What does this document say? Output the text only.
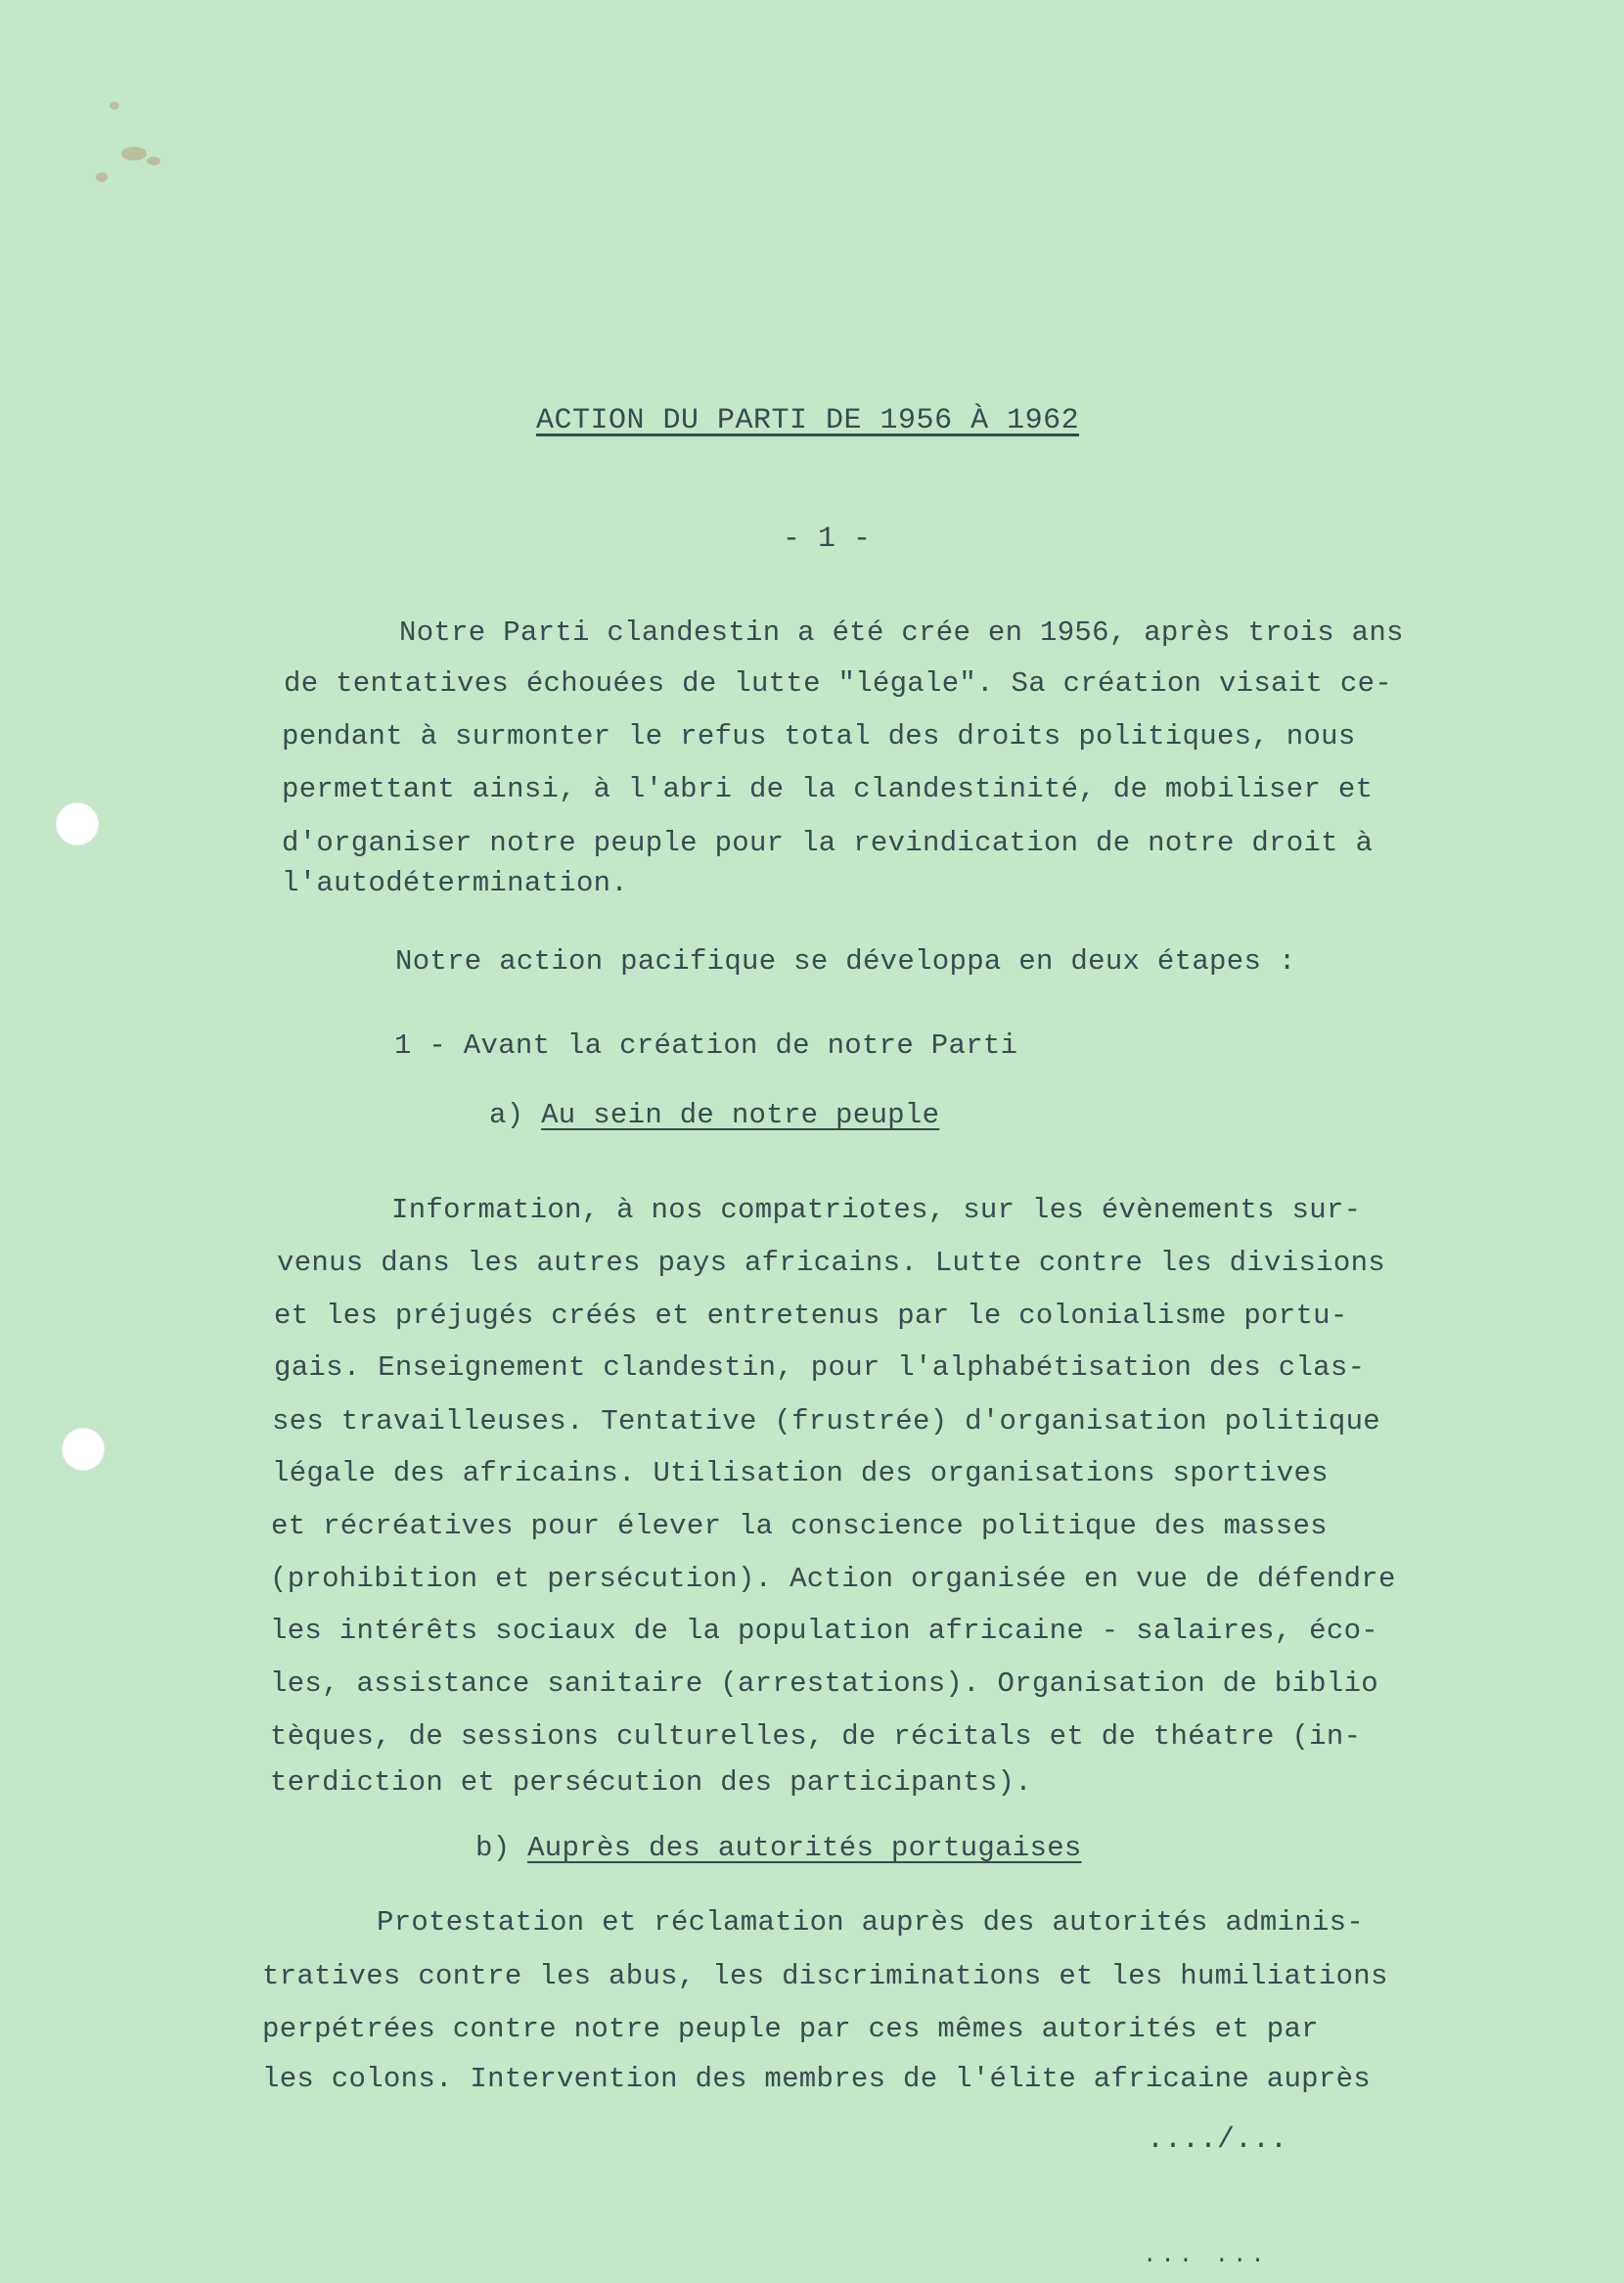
ACTION DU PARTI DE 1956 À 1962
- 1 -
Notre Parti clandestin a été crée en 1956, après trois ans
de tentatives échouées de lutte "légale". Sa création visait ce-
pendant à surmonter le refus total des droits politiques, nous
permettant ainsi, à l'abri de la clandestinité, de mobiliser et
d'organiser notre peuple pour la revindication de notre droit à
l'autodétermination.
Notre action pacifique se développa en deux étapes :
1 - Avant la création de notre Parti
a) Au sein de notre peuple
Information, à nos compatriotes, sur les évènements sur-
venus dans les autres pays africains. Lutte contre les divisions
et les préjugés créés et entretenus par le colonialisme portu-
gais. Enseignement clandestin, pour l'alphabétisation des clas-
ses travailleuses. Tentative (frustrée) d'organisation politique
légale des africains. Utilisation des organisations sportives
et récréatives pour élever la conscience politique des masses
(prohibition et persécution). Action organisée en vue de défendre
les intérêts sociaux de la population africaine - salaires, éco-
les, assistance sanitaire (arrestations). Organisation de biblio
tèques, de sessions culturelles, de récitals et de théatre (in-
terdiction et persécution des participants).
b) Auprès des autorités portugaises
Protestation et réclamation auprès des autorités adminis-
tratives contre les abus, les discriminations et les humiliations
perpétrées contre notre peuple par ces mêmes autorités et par
les colons. Intervention des membres de l'élite africaine auprès
..../...
... ...
